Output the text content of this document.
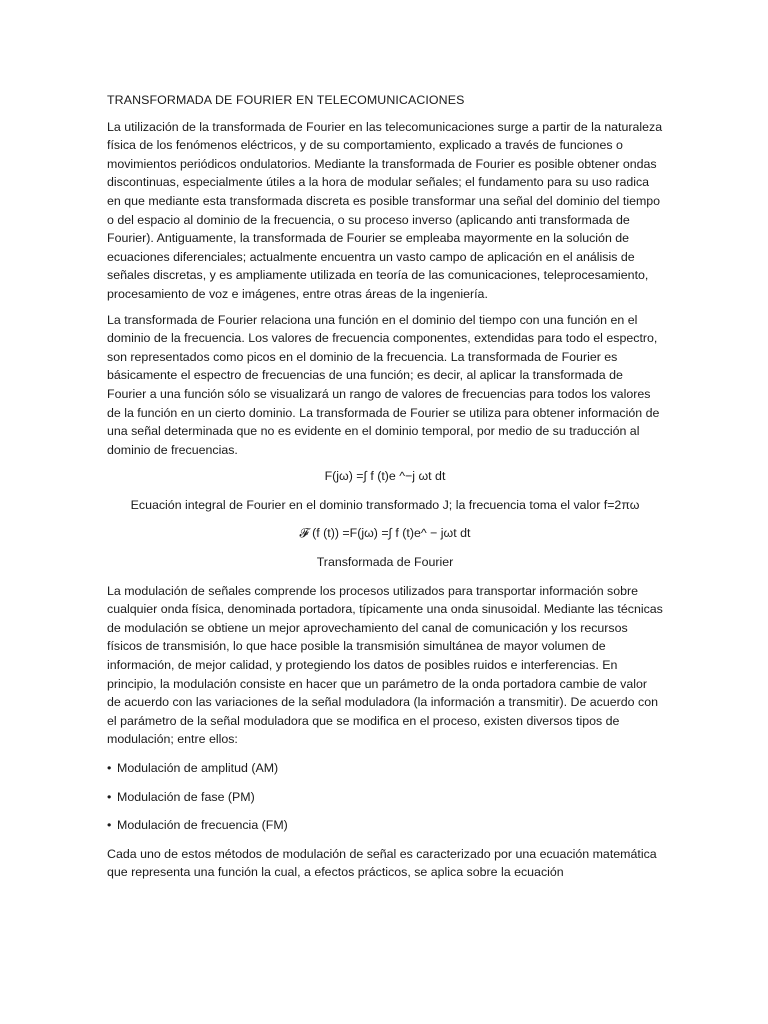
TRANSFORMADA DE FOURIER EN TELECOMUNICACIONES

La utilización de la transformada de Fourier en las telecomunicaciones surge a partir de la naturaleza física de los fenómenos eléctricos, y de su comportamiento, explicado a través de funciones o movimientos periódicos ondulatorios. Mediante la transformada de Fourier es posible obtener ondas discontinuas, especialmente útiles a la hora de modular señales; el fundamento para su uso radica en que mediante esta transformada discreta es posible transformar una señal del dominio del tiempo o del espacio al dominio de la frecuencia, o su proceso inverso (aplicando anti transformada de Fourier). Antiguamente, la transformada de Fourier se empleaba mayormente en la solución de ecuaciones diferenciales; actualmente encuentra un vasto campo de aplicación en el análisis de señales discretas, y es ampliamente utilizada en teoría de las comunicaciones, teleprocesamiento, procesamiento de voz e imágenes, entre otras áreas de la ingeniería.

La transformada de Fourier relaciona una función en el dominio del tiempo con una función en el dominio de la frecuencia. Los valores de frecuencia componentes, extendidas para todo el espectro, son representados como picos en el dominio de la frecuencia. La transformada de Fourier es básicamente el espectro de frecuencias de una función; es decir, al aplicar la transformada de Fourier a una función sólo se visualizará un rango de valores de frecuencias para todos los valores de la función en un cierto dominio. La transformada de Fourier se utiliza para obtener información de una señal determinada que no es evidente en el dominio temporal, por medio de su traducción al dominio de frecuencias.

F(jω) =∫ f (t)e ^−j ωt dt

Ecuación integral de Fourier en el dominio transformado J; la frecuencia toma el valor f=2πω

𝓕 (f (t)) =F(jω) =∫ f (t)e^ − jωt dt

Transformada de Fourier

La modulación de señales comprende los procesos utilizados para transportar información sobre cualquier onda física, denominada portadora, típicamente una onda sinusoidal. Mediante las técnicas de modulación se obtiene un mejor aprovechamiento del canal de comunicación y los recursos físicos de transmisión, lo que hace posible la transmisión simultánea de mayor volumen de información, de mejor calidad, y protegiendo los datos de posibles ruidos e interferencias. En principio, la modulación consiste en hacer que un parámetro de la onda portadora cambie de valor de acuerdo con las variaciones de la señal moduladora (la información a transmitir). De acuerdo con el parámetro de la señal moduladora que se modifica en el proceso, existen diversos tipos de modulación; entre ellos:

• Modulación de amplitud (AM)
• Modulación de fase (PM)
• Modulación de frecuencia (FM)

Cada uno de estos métodos de modulación de señal es caracterizado por una ecuación matemática que representa una función la cual, a efectos prácticos, se aplica sobre la ecuación
